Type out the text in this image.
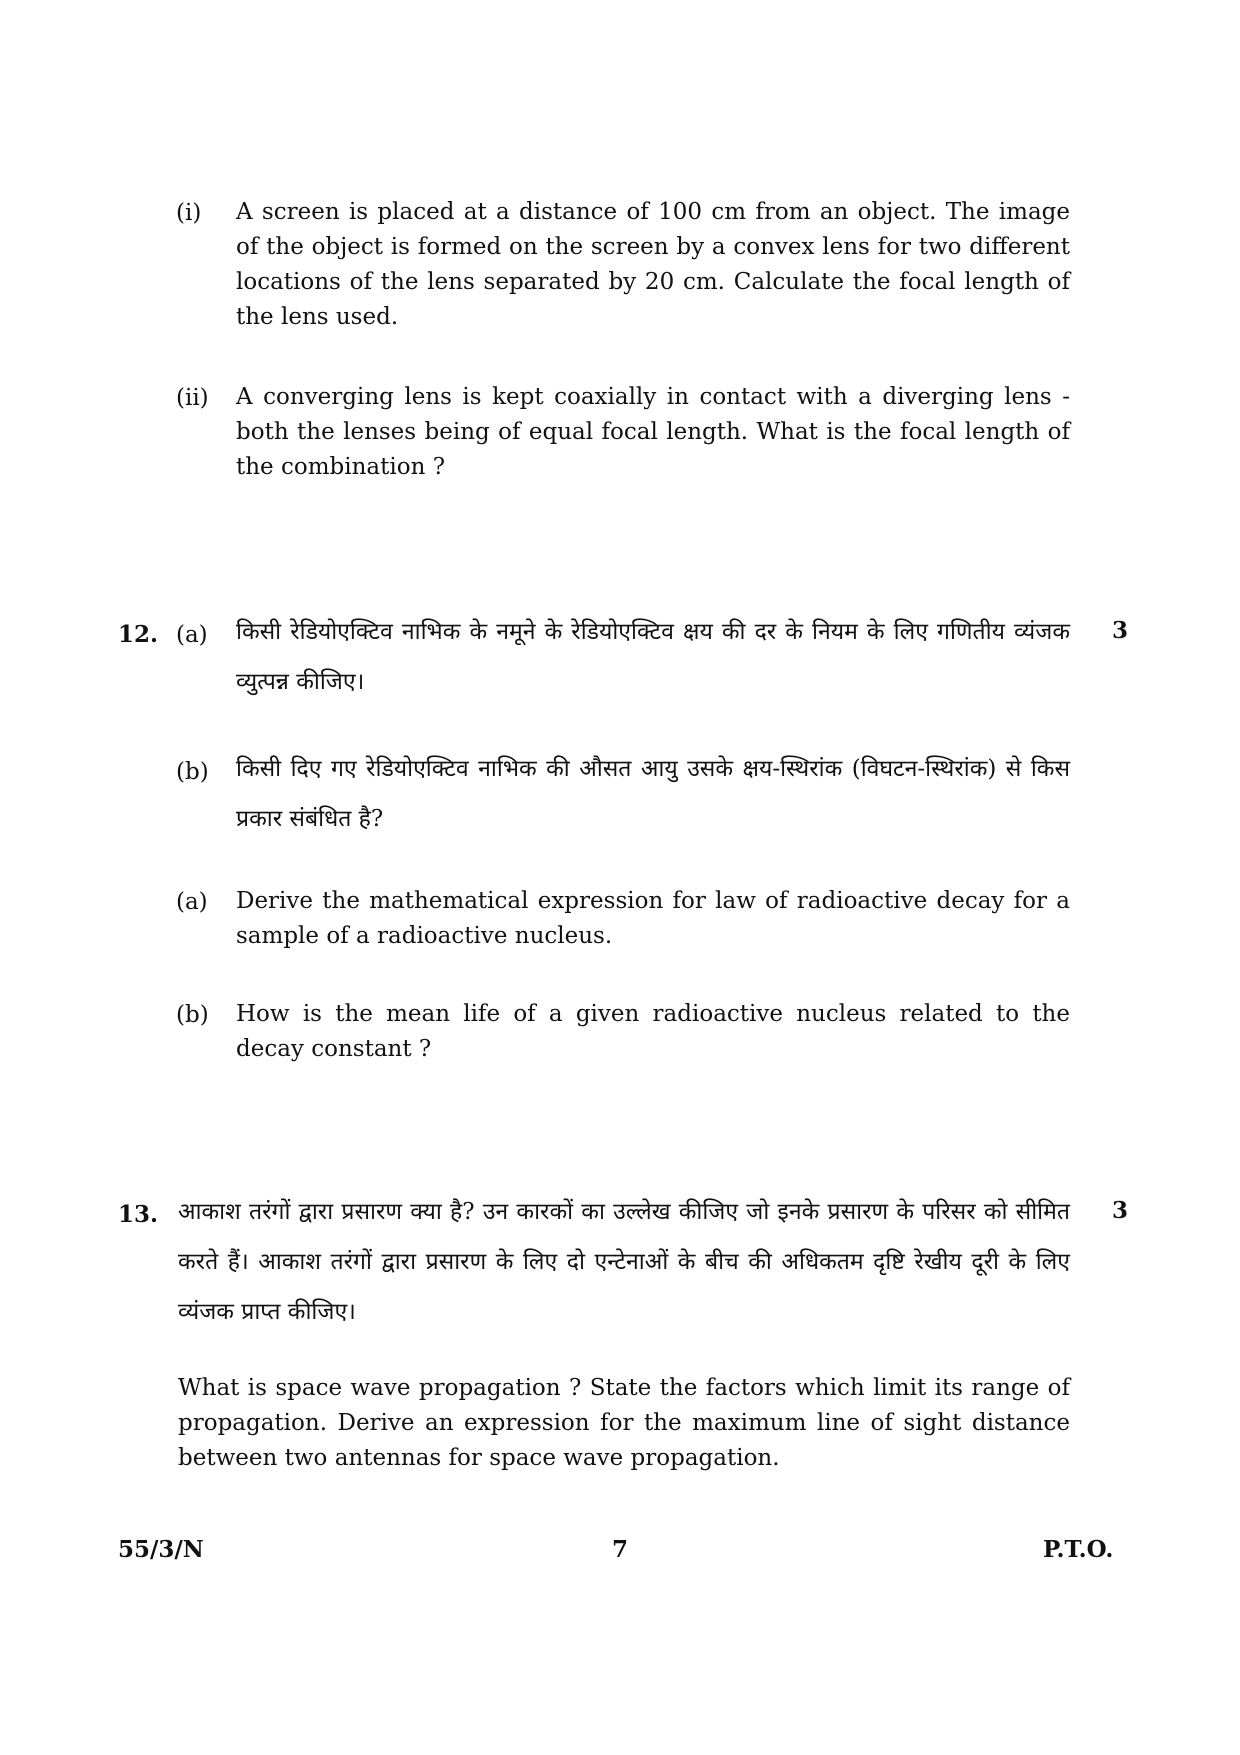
(i) A screen is placed at a distance of 100 cm from an object. The image of the object is formed on the screen by a convex lens for two different locations of the lens separated by 20 cm. Calculate the focal length of the lens used.
(ii) A converging lens is kept coaxially in contact with a diverging lens - both the lenses being of equal focal length. What is the focal length of the combination ?
12.	3
(a) किसी रेडियोएक्टिव नाभिक के नमूने के रेडियोएक्टिव क्षय की दर के नियम के लिए गणितीय व्यंजक व्युत्पन्न कीजिए।
(b) किसी दिए गए रेडियोएक्टिव नाभिक की औसत आयु उसके क्षय-स्थिरांक (विघटन-स्थिरांक) से किस प्रकार संबंधित है?
(a) Derive the mathematical expression for law of radioactive decay for a sample of a radioactive nucleus.
(b) How is the mean life of a given radioactive nucleus related to the decay constant ?
13.	3
आकाश तरंगों द्वारा प्रसारण क्या है? उन कारकों का उल्लेख कीजिए जो इनके प्रसारण के परिसर को सीमित करते हैं। आकाश तरंगों द्वारा प्रसारण के लिए दो एन्टेनाओं के बीच की अधिकतम दृष्टि रेखीय दूरी के लिए व्यंजक प्राप्त कीजिए।
What is space wave propagation ? State the factors which limit its range of propagation. Derive an expression for the maximum line of sight distance between two antennas for space wave propagation.
55/3/N	7	P.T.O.
